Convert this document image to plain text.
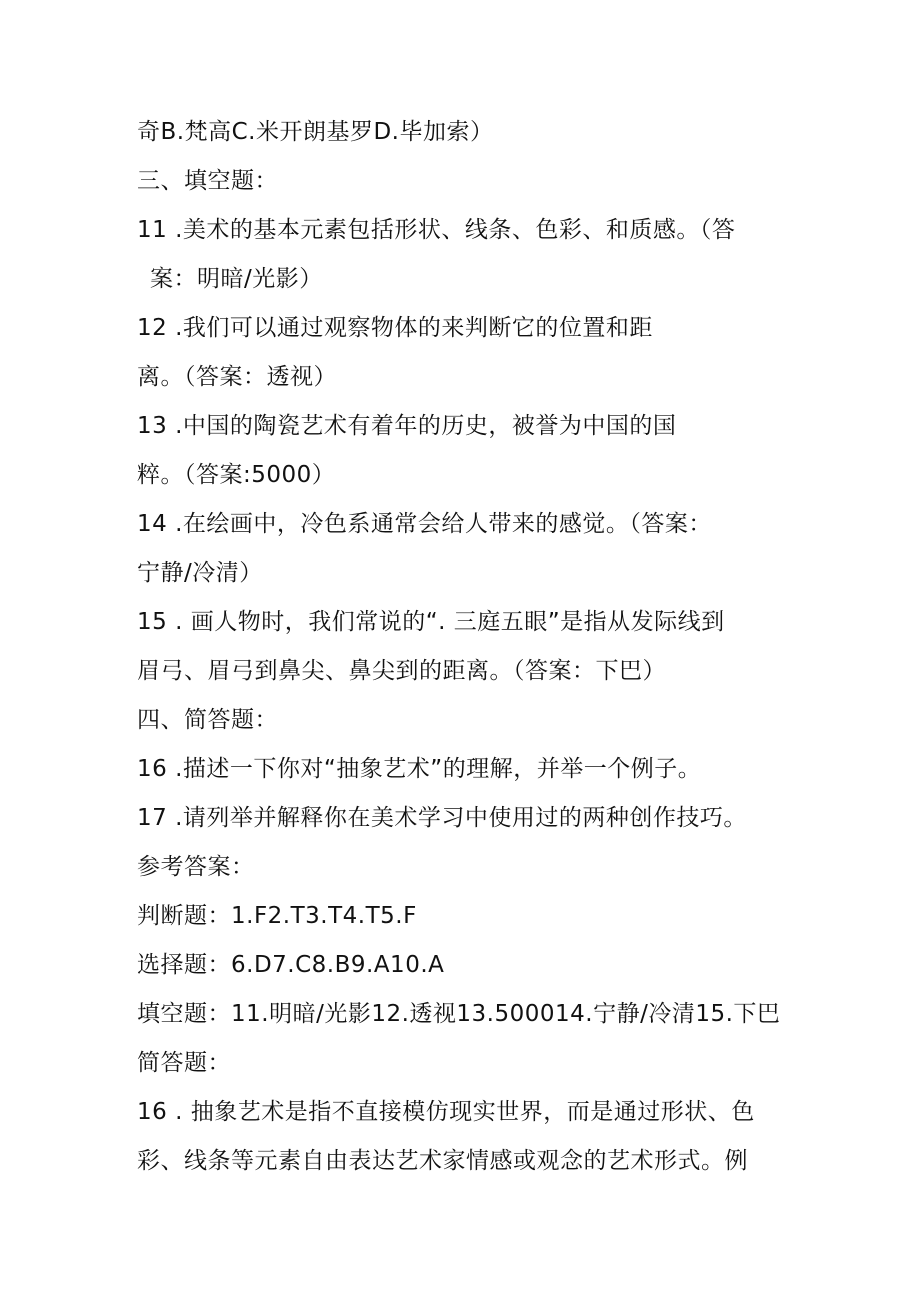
奇B.梵高C.米开朗基罗D.毕加索）
三、填空题：
11 .美术的基本元素包括形状、线条、色彩、和质感。（答
案：明暗/光影）
12 .我们可以通过观察物体的来判断它的位置和距
离。（答案：透视）
13 .中国的陶瓷艺术有着年的历史，被誉为中国的国
粹。（答案:5000）
14 .在绘画中，冷色系通常会给人带来的感觉。（答案：
宁静/冷清）
15 . 画人物时，我们常说的“. 三庭五眼”是指从发际线到
眉弓、眉弓到鼻尖、鼻尖到的距离。（答案：下巴）
四、简答题：
16 .描述一下你对“抽象艺术”的理解，并举一个例子。
17 .请列举并解释你在美术学习中使用过的两种创作技巧。
参考答案：
判断题：1.F2.T3.T4.T5.F
选择题：6.D7.C8.B9.A10.A
填空题：11.明暗/光影12.透视13.500014.宁静/冷清15.下巴
简答题：
16 . 抽象艺术是指不直接模仿现实世界，而是通过形状、色
彩、线条等元素自由表达艺术家情感或观念的艺术形式。例
